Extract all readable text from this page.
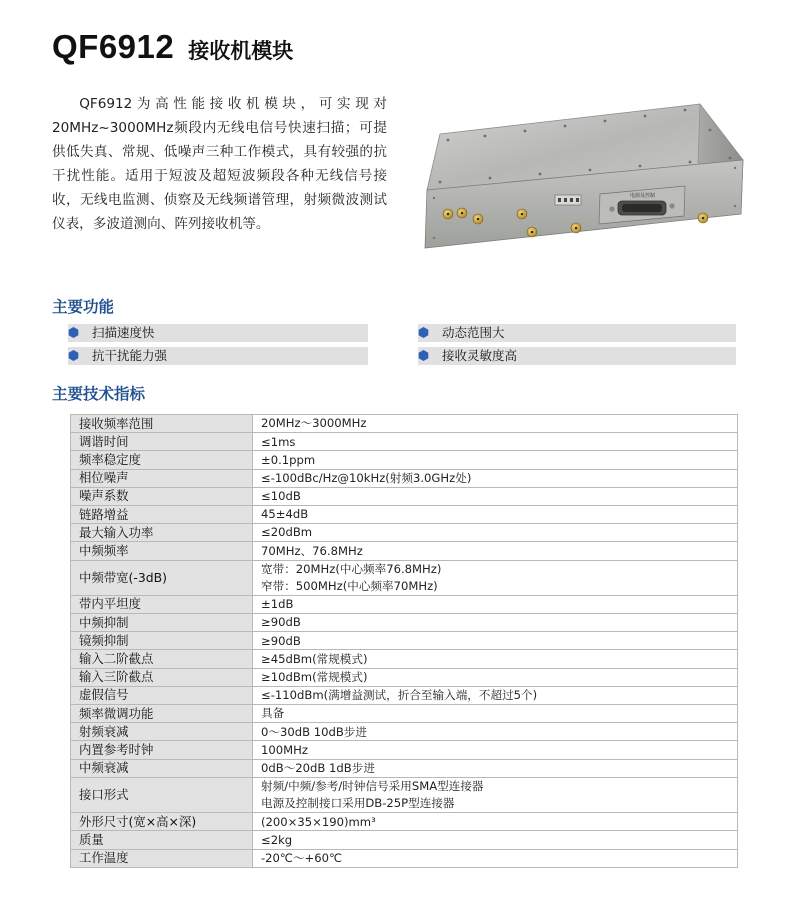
QF6912 接收机模块

QF6912为高性能接收机模块，可实现对20MHz~3000MHz频段内无线电信号快速扫描；可提供低失真、常规、低噪声三种工作模式，具有较强的抗干扰性能。适用于短波及超短波频段各种无线信号接收，无线电监测、侦察及无线频谱管理，射频微波测试仪表，多波道测向、阵列接收机等。

电源及控制
主要功能
扫描速度快	动态范围大
抗干扰能力强	接收灵敏度高
主要技术指标
接收频率范围	20MHz～3000MHz

调谐时间	≤1ms

频率稳定度	±0.1ppm

相位噪声	≤-100dBc/Hz@10kHz(射频3.0GHz处)

噪声系数	≤10dB

链路增益	45±4dB

最大输入功率	≤20dBm

中频频率	70MHz、76.8MHz

中频带宽(-3dB)	宽带：20MHz(中心频率76.8MHz)
窄带：500MHz(中心频率70MHz)

带内平坦度	±1dB

中频抑制	≥90dB

镜频抑制	≥90dB

输入二阶截点	≥45dBm(常规模式)

输入三阶截点	≥10dBm(常规模式)

虚假信号	≤-110dBm(满增益测试，折合至输入端，不超过5个)

频率微调功能	具备

射频衰减	0～30dB 10dB步进

内置参考时钟	100MHz

中频衰减	0dB～20dB 1dB步进

接口形式	射频/中频/参考/时钟信号采用SMA型连接器
电源及控制接口采用DB-25P型连接器

外形尺寸(宽×高×深)	(200×35×190)mm³

质量	≤2kg

工作温度	-20℃～+60℃
